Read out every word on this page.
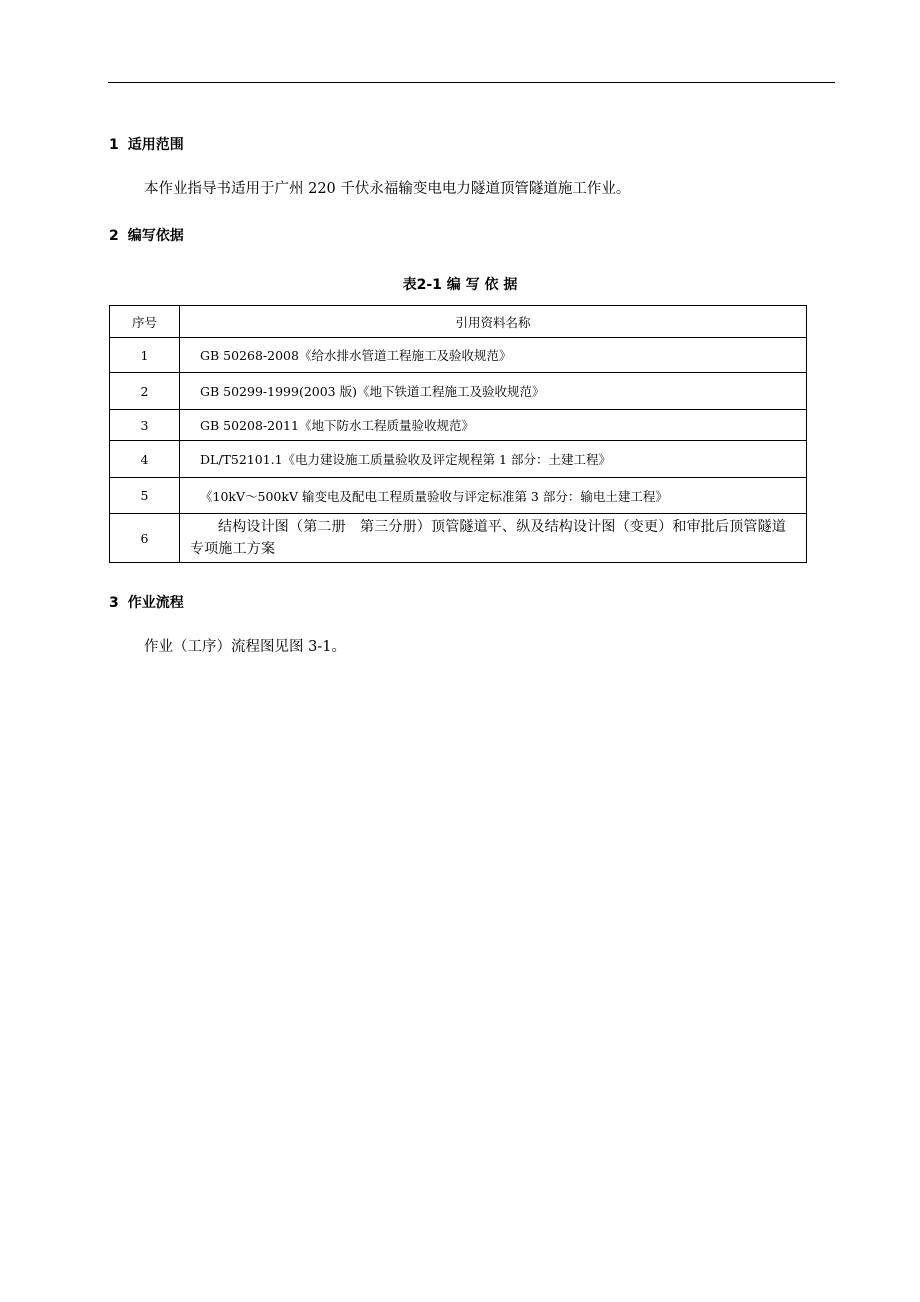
1 适用范围
本作业指导书适用于广州 220 千伏永福输变电电力隧道顶管隧道施工作业。
2 编写依据
表2-1 编 写 依 据
序号	引用资料名称
1	GB 50268-2008《给水排水管道工程施工及验收规范》
2	GB 50299-1999(2003 版)《地下铁道工程施工及验收规范》
3	GB 50208-2011《地下防水工程质量验收规范》
4	DL/T52101.1《电力建设施工质量验收及评定规程第 1 部分：土建工程》
5	《10kV～500kV 输变电及配电工程质量验收与评定标准第 3 部分：输电土建工程》
6	结构设计图（第二册　第三分册）顶管隧道平、纵及结构设计图（变更）和审批后顶管隧道专项施工方案
3 作业流程
作业（工序）流程图见图 3-1。
